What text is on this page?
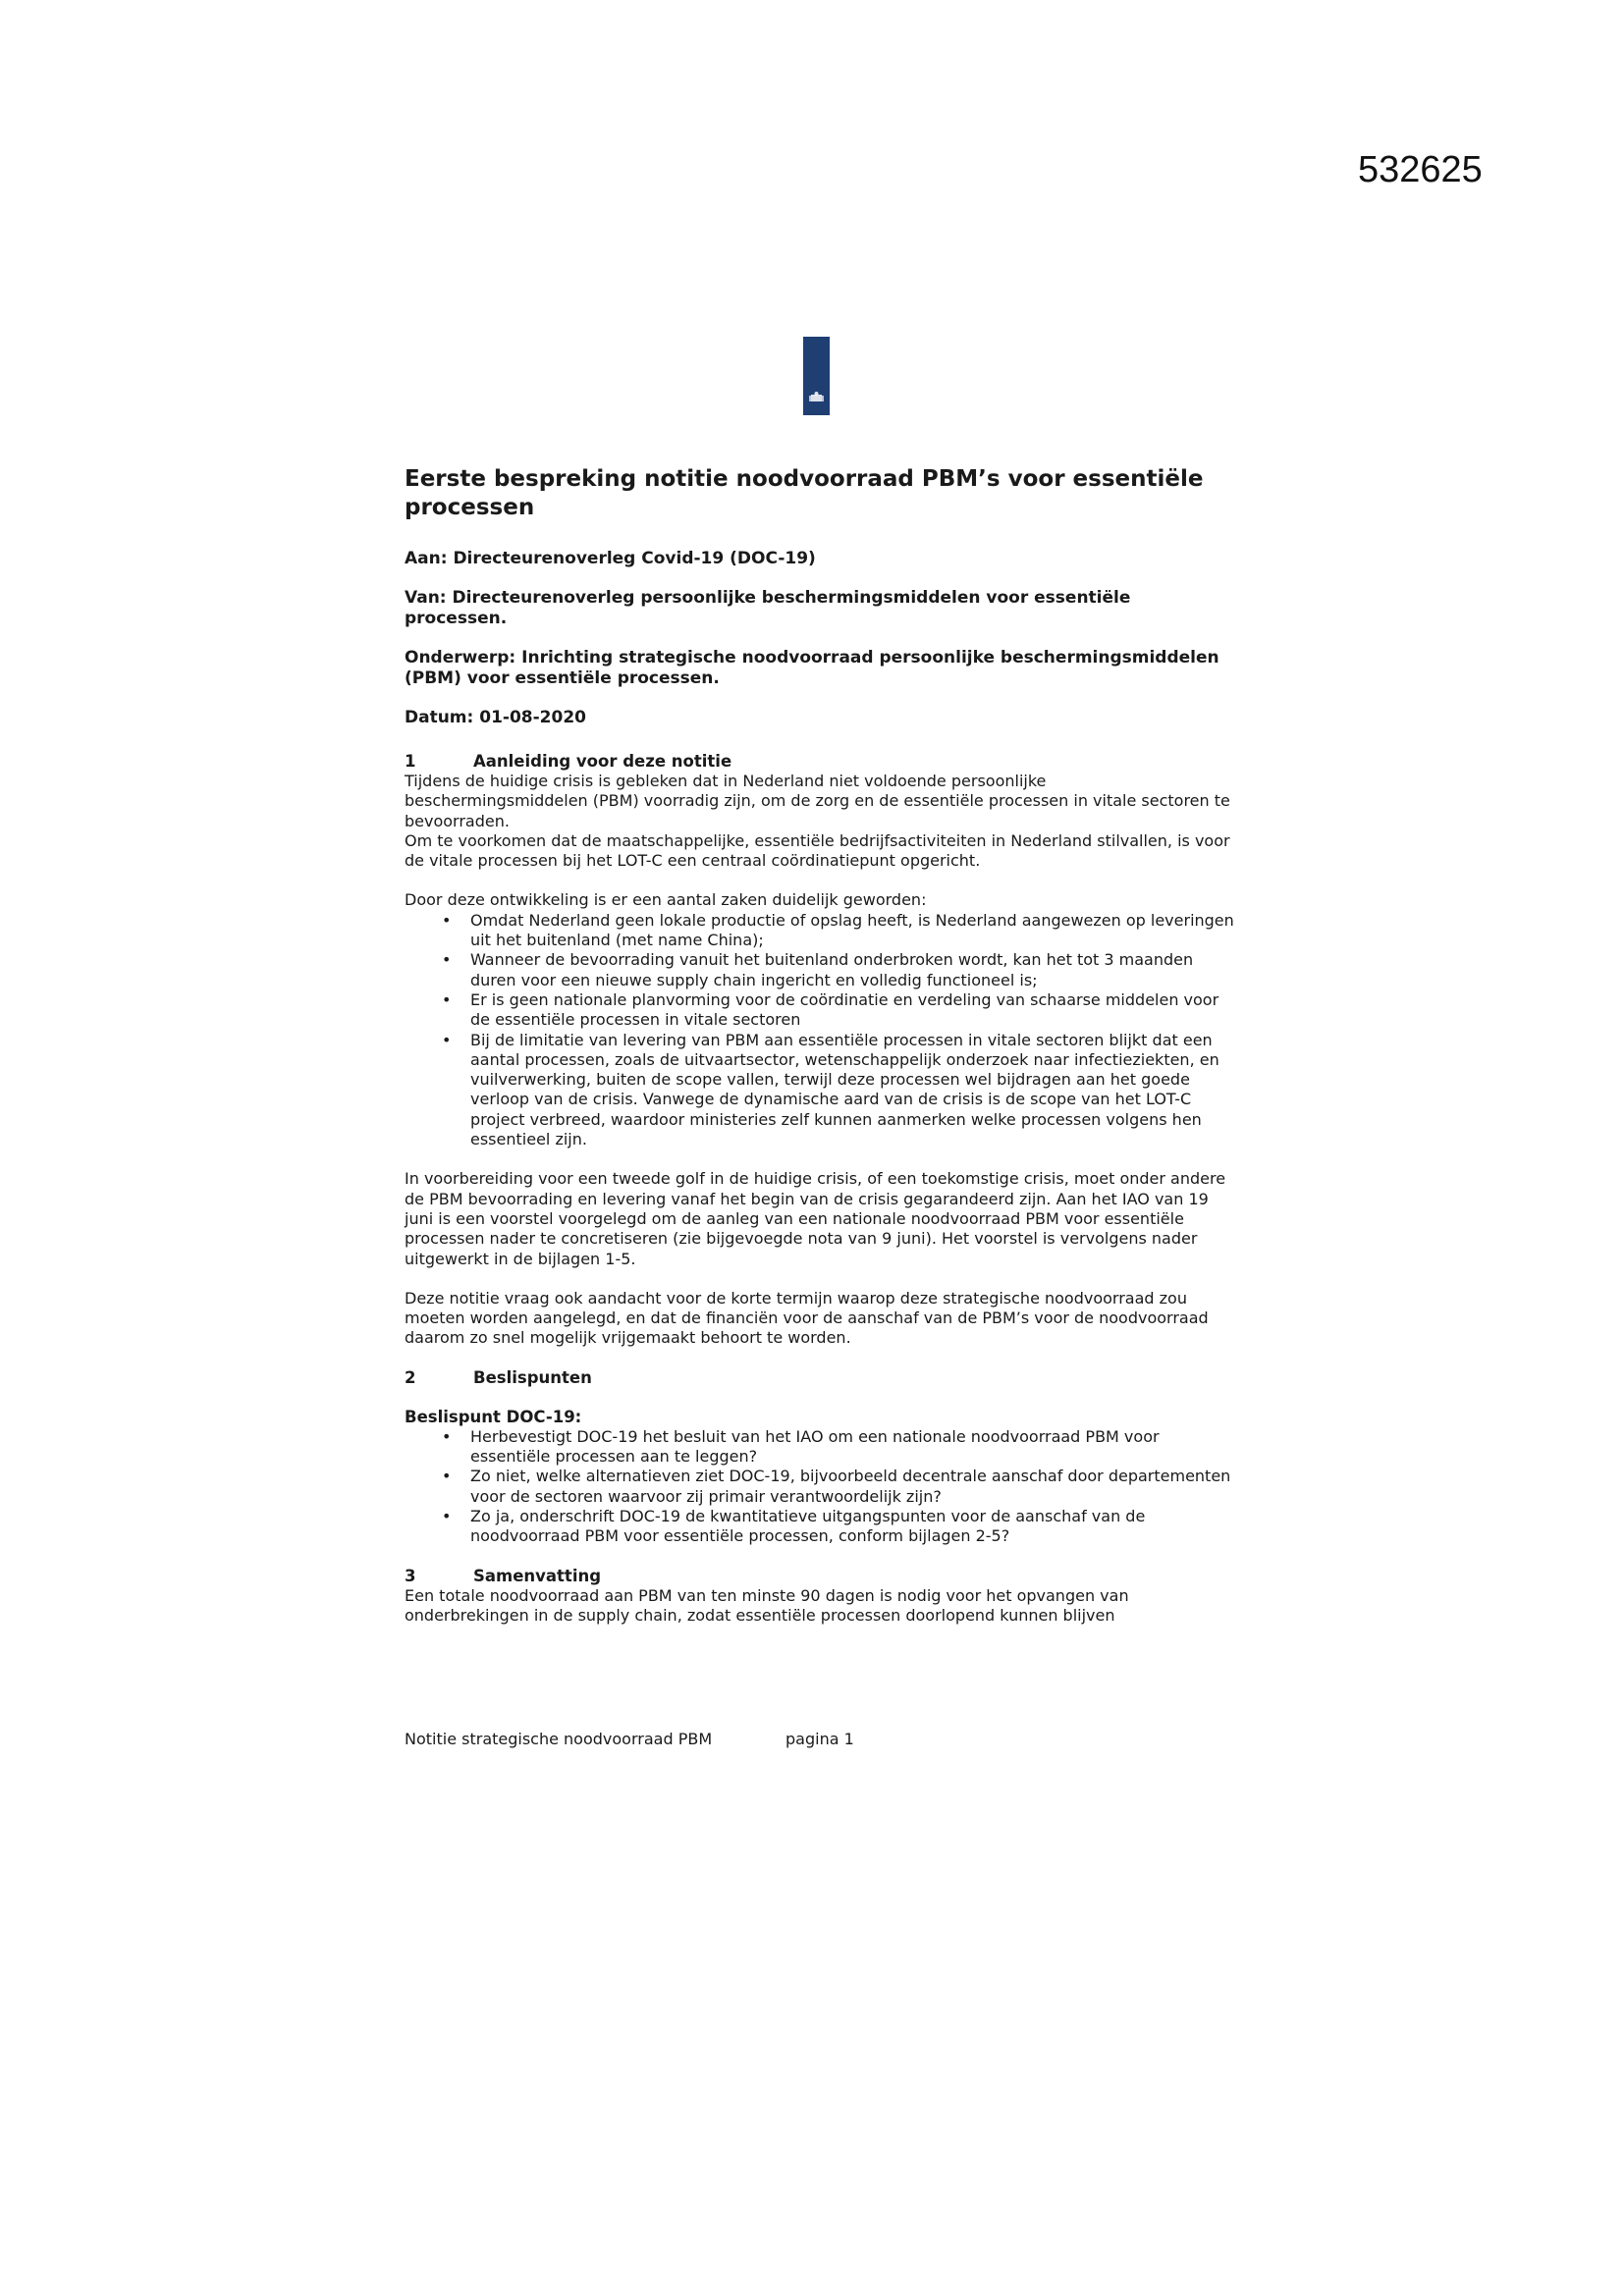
532625
Eerste bespreking notitie noodvoorraad PBM’s voor essentiële processen
Aan: Directeurenoverleg Covid-19 (DOC-19)
Van: Directeurenoverleg persoonlijke beschermingsmiddelen voor essentiële processen.
Onderwerp: Inrichting strategische noodvoorraad persoonlijke beschermingsmiddelen (PBM) voor essentiële processen.
Datum: 01-08-2020
1	Aanleiding voor deze notitie

Tijdens de huidige crisis is gebleken dat in Nederland niet voldoende persoonlijke beschermingsmiddelen (PBM) voorradig zijn, om de zorg en de essentiële processen in vitale sectoren te bevoorraden.

Om te voorkomen dat de maatschappelijke, essentiële bedrijfsactiviteiten in Nederland stilvallen, is voor de vitale processen bij het LOT-C een centraal coördinatiepunt opgericht.

Door deze ontwikkeling is er een aantal zaken duidelijk geworden:

• Omdat Nederland geen lokale productie of opslag heeft, is Nederland aangewezen op leveringen uit het buitenland (met name China);
• Wanneer de bevoorrading vanuit het buitenland onderbroken wordt, kan het tot 3 maanden duren voor een nieuwe supply chain ingericht en volledig functioneel is;
• Er is geen nationale planvorming voor de coördinatie en verdeling van schaarse middelen voor de essentiële processen in vitale sectoren
• Bij de limitatie van levering van PBM aan essentiële processen in vitale sectoren blijkt dat een aantal processen, zoals de uitvaartsector, wetenschappelijk onderzoek naar infectieziekten, en vuilverwerking, buiten de scope vallen, terwijl deze processen wel bijdragen aan het goede verloop van de crisis. Vanwege de dynamische aard van de crisis is de scope van het LOT-C project verbreed, waardoor ministeries zelf kunnen aanmerken welke processen volgens hen essentieel zijn.

In voorbereiding voor een tweede golf in de huidige crisis, of een toekomstige crisis, moet onder andere de PBM bevoorrading en levering vanaf het begin van de crisis gegarandeerd zijn. Aan het IAO van 19 juni is een voorstel voorgelegd om de aanleg van een nationale noodvoorraad PBM voor essentiële processen nader te concretiseren (zie bijgevoegde nota van 9 juni). Het voorstel is vervolgens nader uitgewerkt in de bijlagen 1-5.

Deze notitie vraag ook aandacht voor de korte termijn waarop deze strategische noodvoorraad zou moeten worden aangelegd, en dat de financiën voor de aanschaf van de PBM’s voor de noodvoorraad daarom zo snel mogelijk vrijgemaakt behoort te worden.

2	Beslispunten
Beslispunt DOC-19:
• Herbevestigt DOC-19 het besluit van het IAO om een nationale noodvoorraad PBM voor essentiële processen aan te leggen?
• Zo niet, welke alternatieven ziet DOC-19, bijvoorbeeld decentrale aanschaf door departementen voor de sectoren waarvoor zij primair verantwoordelijk zijn?
• Zo ja, onderschrift DOC-19 de kwantitatieve uitgangspunten voor de aanschaf van de noodvoorraad PBM voor essentiële processen, conform bijlagen 2-5?
3	Samenvatting

Een totale noodvoorraad aan PBM van ten minste 90 dagen is nodig voor het opvangen van onderbrekingen in de supply chain, zodat essentiële processen doorlopend kunnen blijven

Notitie strategische noodvoorraad PBM	pagina 1
